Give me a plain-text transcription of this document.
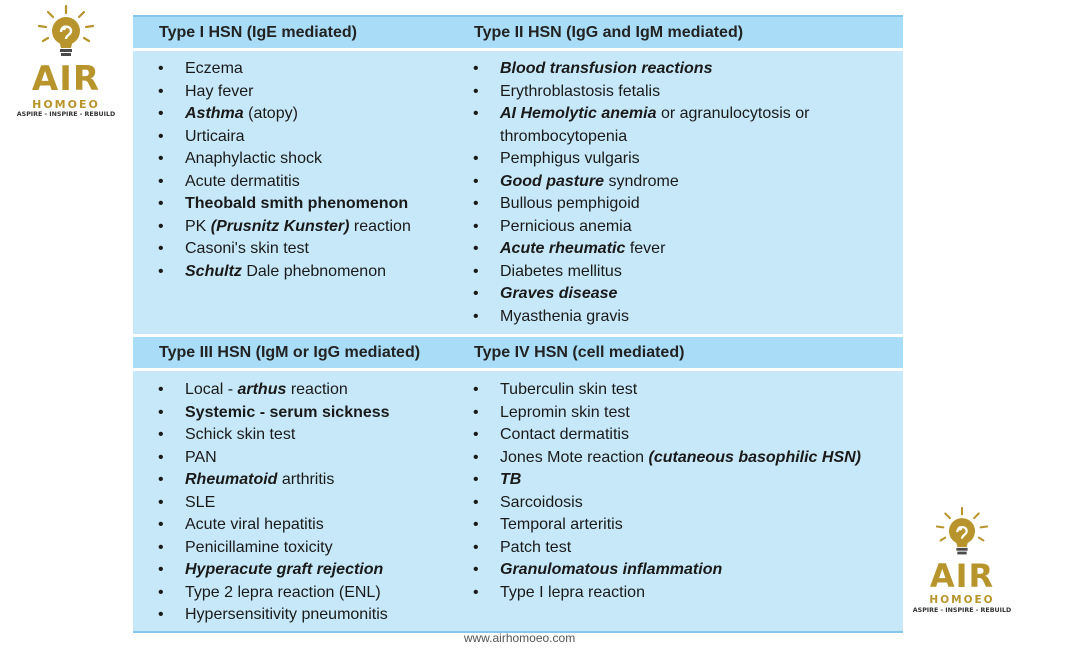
AIR
HOMOEO
ASPIRE - INSPIRE - REBUILD
AIR
HOMOEO
ASPIRE - INSPIRE - REBUILD
Type I HSN (IgE mediated)	Type II HSN (IgG and IgM mediated)
• Eczema
• Hay fever
• Asthma (atopy)
• Urticaira
• Anaphylactic shock
• Acute dermatitis
• Theobald smith phenomenon
• PK (Prusnitz Kunster) reaction
• Casoni's skin test
• Schultz Dale phebnomenon
• Blood transfusion reactions
• Erythroblastosis fetalis
• AI Hemolytic anemia or agranulocytosis or
thrombocytopenia
• Pemphigus vulgaris
• Good pasture syndrome
• Bullous pemphigoid
• Pernicious anemia
• Acute rheumatic fever
• Diabetes mellitus
• Graves disease
• Myasthenia gravis
Type III HSN (IgM or IgG mediated)	Type IV HSN (cell mediated)
• Local - arthus reaction
• Systemic - serum sickness
• Schick skin test
• PAN
• Rheumatoid arthritis
• SLE
• Acute viral hepatitis
• Penicillamine toxicity
• Hyperacute graft rejection
• Type 2 lepra reaction (ENL)
• Hypersensitivity pneumonitis
• Tuberculin skin test
• Lepromin skin test
• Contact dermatitis
• Jones Mote reaction (cutaneous basophilic HSN)
• TB
• Sarcoidosis
• Temporal arteritis
• Patch test
• Granulomatous inflammation
• Type I lepra reaction
www.airhomoeo.com
